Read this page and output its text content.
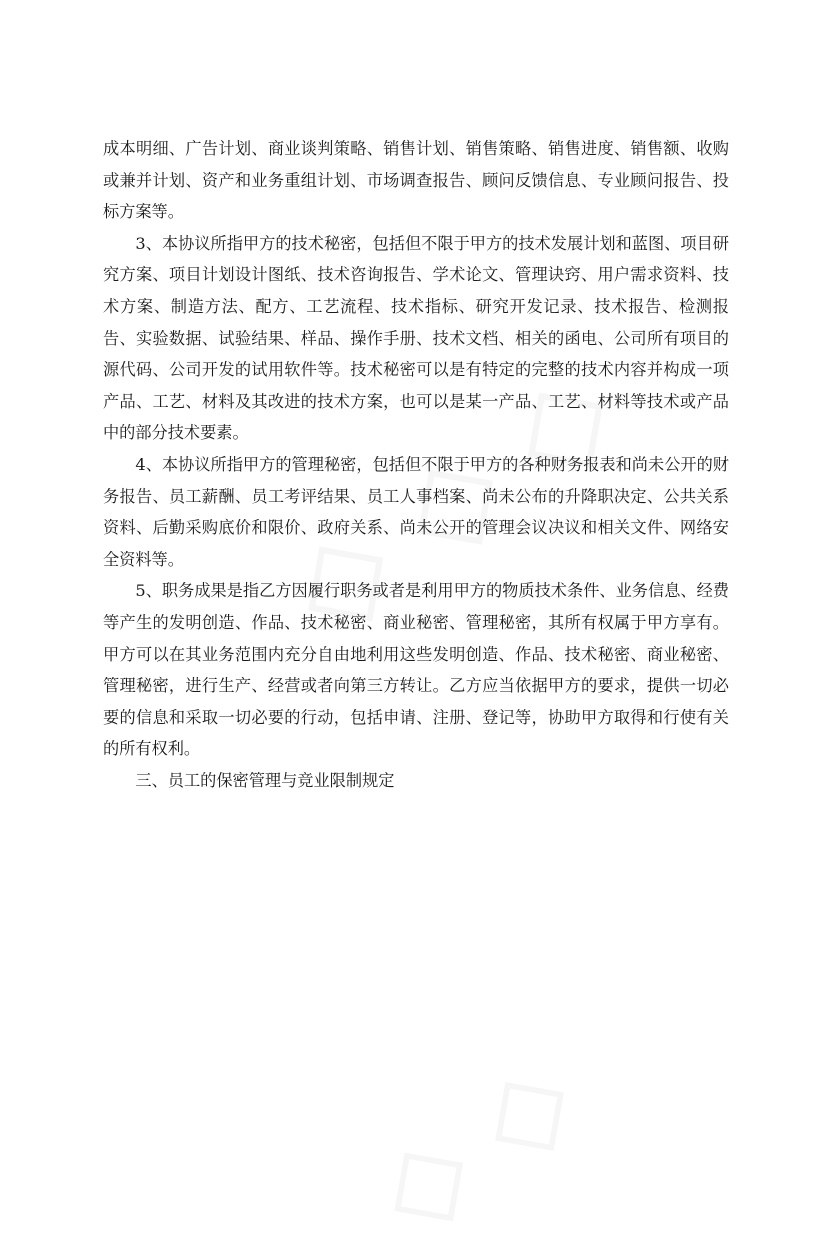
成本明细、广告计划、商业谈判策略、销售计划、销售策略、销售进度、销售额、收购或兼并计划、资产和业务重组计划、市场调查报告、顾问反馈信息、专业顾问报告、投标方案等。

3、本协议所指甲方的技术秘密，包括但不限于甲方的技术发展计划和蓝图、项目研究方案、项目计划设计图纸、技术咨询报告、学术论文、管理诀窍、用户需求资料、技术方案、制造方法、配方、工艺流程、技术指标、研究开发记录、技术报告、检测报告、实验数据、试验结果、样品、操作手册、技术文档、相关的函电、公司所有项目的源代码、公司开发的试用软件等。技术秘密可以是有特定的完整的技术内容并构成一项产品、工艺、材料及其改进的技术方案，也可以是某一产品、工艺、材料等技术或产品中的部分技术要素。

4、本协议所指甲方的管理秘密，包括但不限于甲方的各种财务报表和尚未公开的财务报告、员工薪酬、员工考评结果、员工人事档案、尚未公布的升降职决定、公共关系资料、后勤采购底价和限价、政府关系、尚未公开的管理会议决议和相关文件、网络安全资料等。

5、职务成果是指乙方因履行职务或者是利用甲方的物质技术条件、业务信息、经费等产生的发明创造、作品、技术秘密、商业秘密、管理秘密，其所有权属于甲方享有。甲方可以在其业务范围内充分自由地利用这些发明创造、作品、技术秘密、商业秘密、管理秘密，进行生产、经营或者向第三方转让。乙方应当依据甲方的要求，提供一切必要的信息和采取一切必要的行动，包括申请、注册、登记等，协助甲方取得和行使有关的所有权利。

三、员工的保密管理与竞业限制规定
